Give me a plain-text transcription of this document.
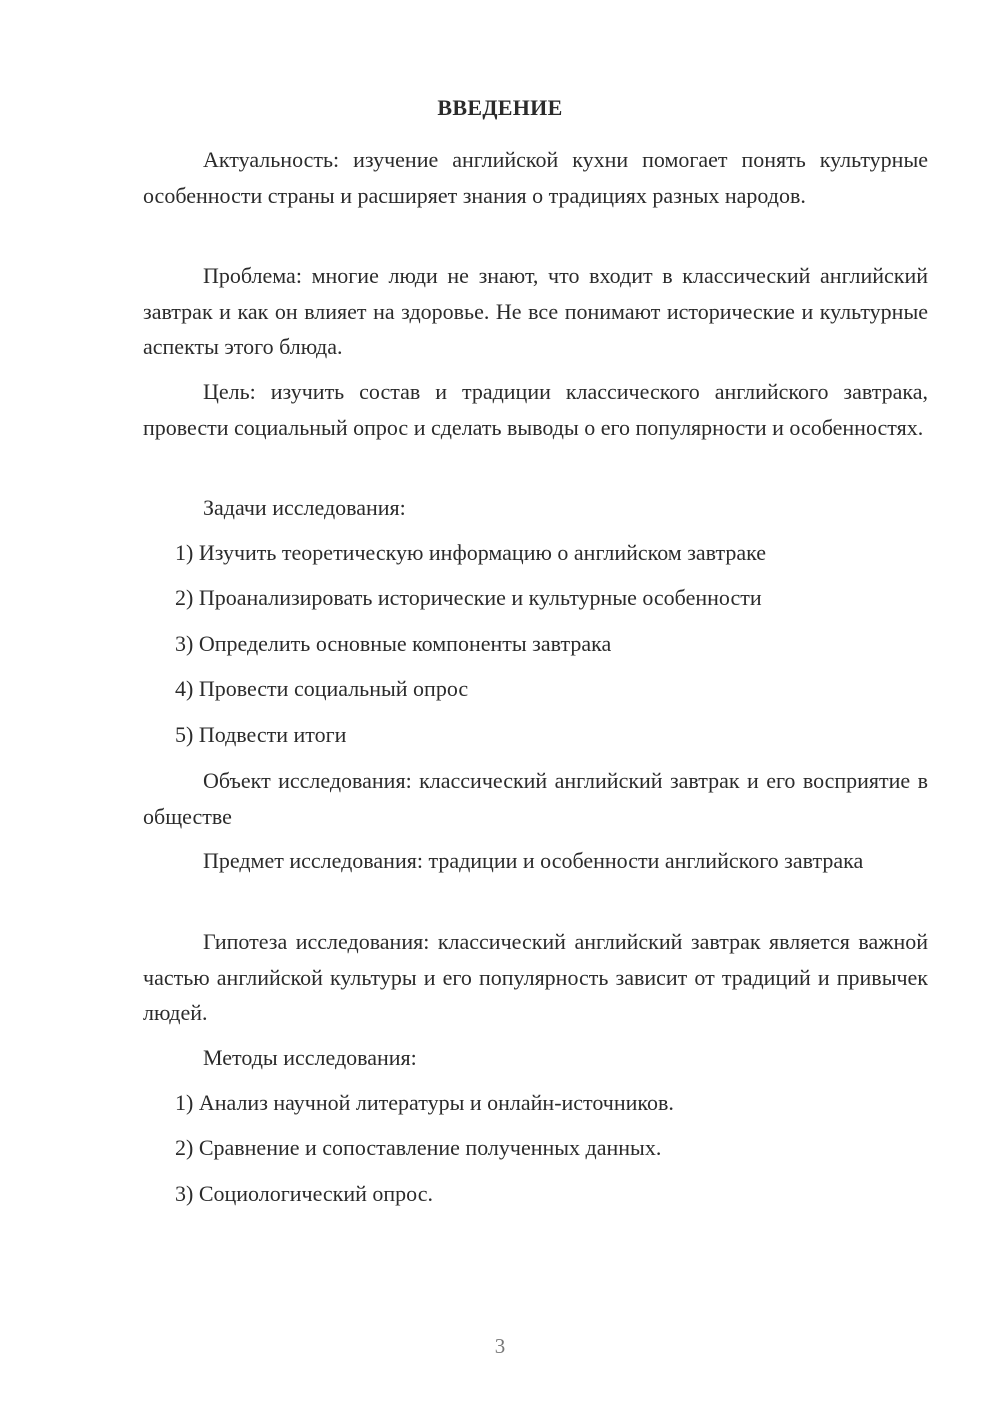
ВВЕДЕНИЕ

Актуальность: изучение английской кухни помогает понять культурные особенности страны и расширяет знания о традициях разных народов.

Проблема: многие люди не знают, что входит в классический английский завтрак и как он влияет на здоровье. Не все понимают исторические и культурные аспекты этого блюда.

Цель: изучить состав и традиции классического английского завтрака, провести социальный опрос и сделать выводы о его популярности и особенностях.

Задачи исследования:

1) Изучить теоретическую информацию о английском завтраке
2) Проанализировать исторические и культурные особенности
3) Определить основные компоненты завтрака
4) Провести социальный опрос
5) Подвести итоги

Объект исследования: классический английский завтрак и его восприятие в обществе

Предмет исследования: традиции и особенности английского завтрака

Гипотеза исследования: классический английский завтрак является важной частью английской культуры и его популярность зависит от традиций и привычек людей.

Методы исследования:

1) Анализ научной литературы и онлайн-источников.
2) Сравнение и сопоставление полученных данных.
3) Социологический опрос.
3
